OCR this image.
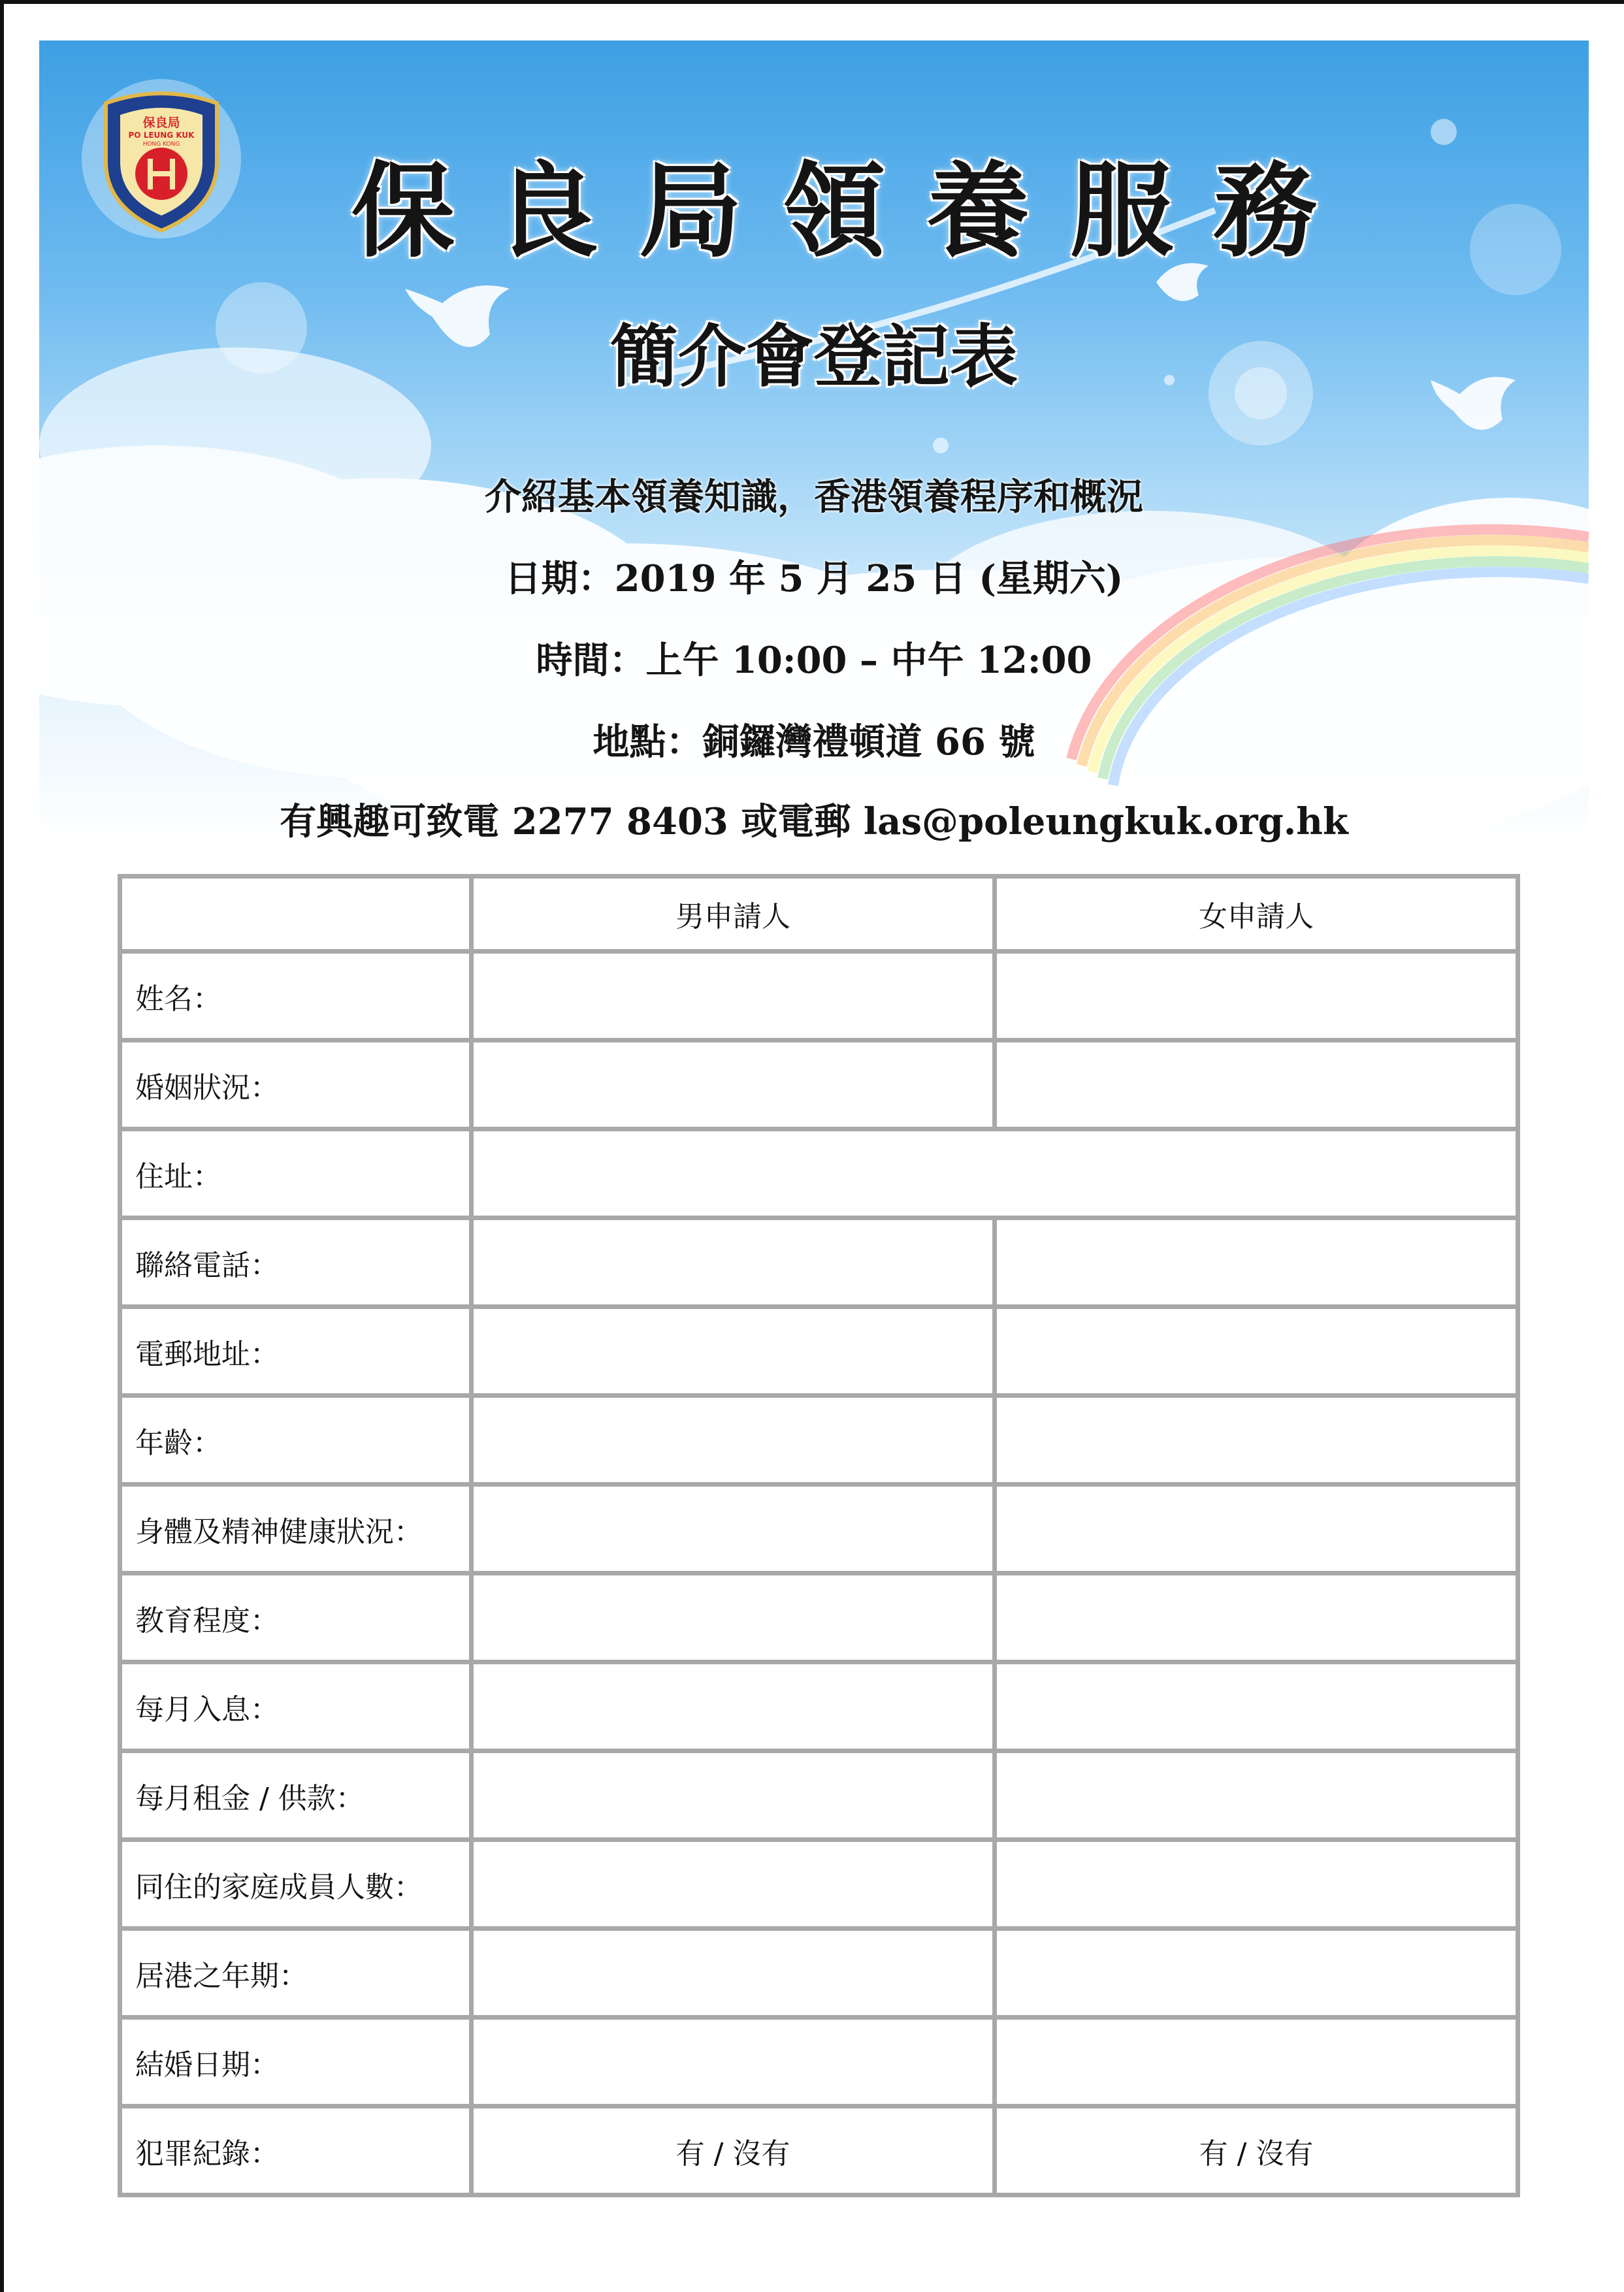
保良局
PO LEUNG KUK
HONG KONG
保良局領養服務
簡介會登記表
介紹基本領養知識，香港領養程序和概況
日期：2019 年 5 月 25 日 (星期六)
時間：上午 10:00 – 中午 12:00
地點：銅鑼灣禮頓道 66 號
有興趣可致電 2277 8403 或電郵 las@poleungkuk.org.hk
	男申請人	女申請人
姓名：		
婚姻狀況：		
住址：		
聯絡電話：		
電郵地址：		
年齡：		
身體及精神健康狀況：		
教育程度：		
每月入息：		
每月租金 / 供款：		
同住的家庭成員人數：		
居港之年期：		
結婚日期：		
犯罪紀錄：	有 / 沒有	有 / 沒有
